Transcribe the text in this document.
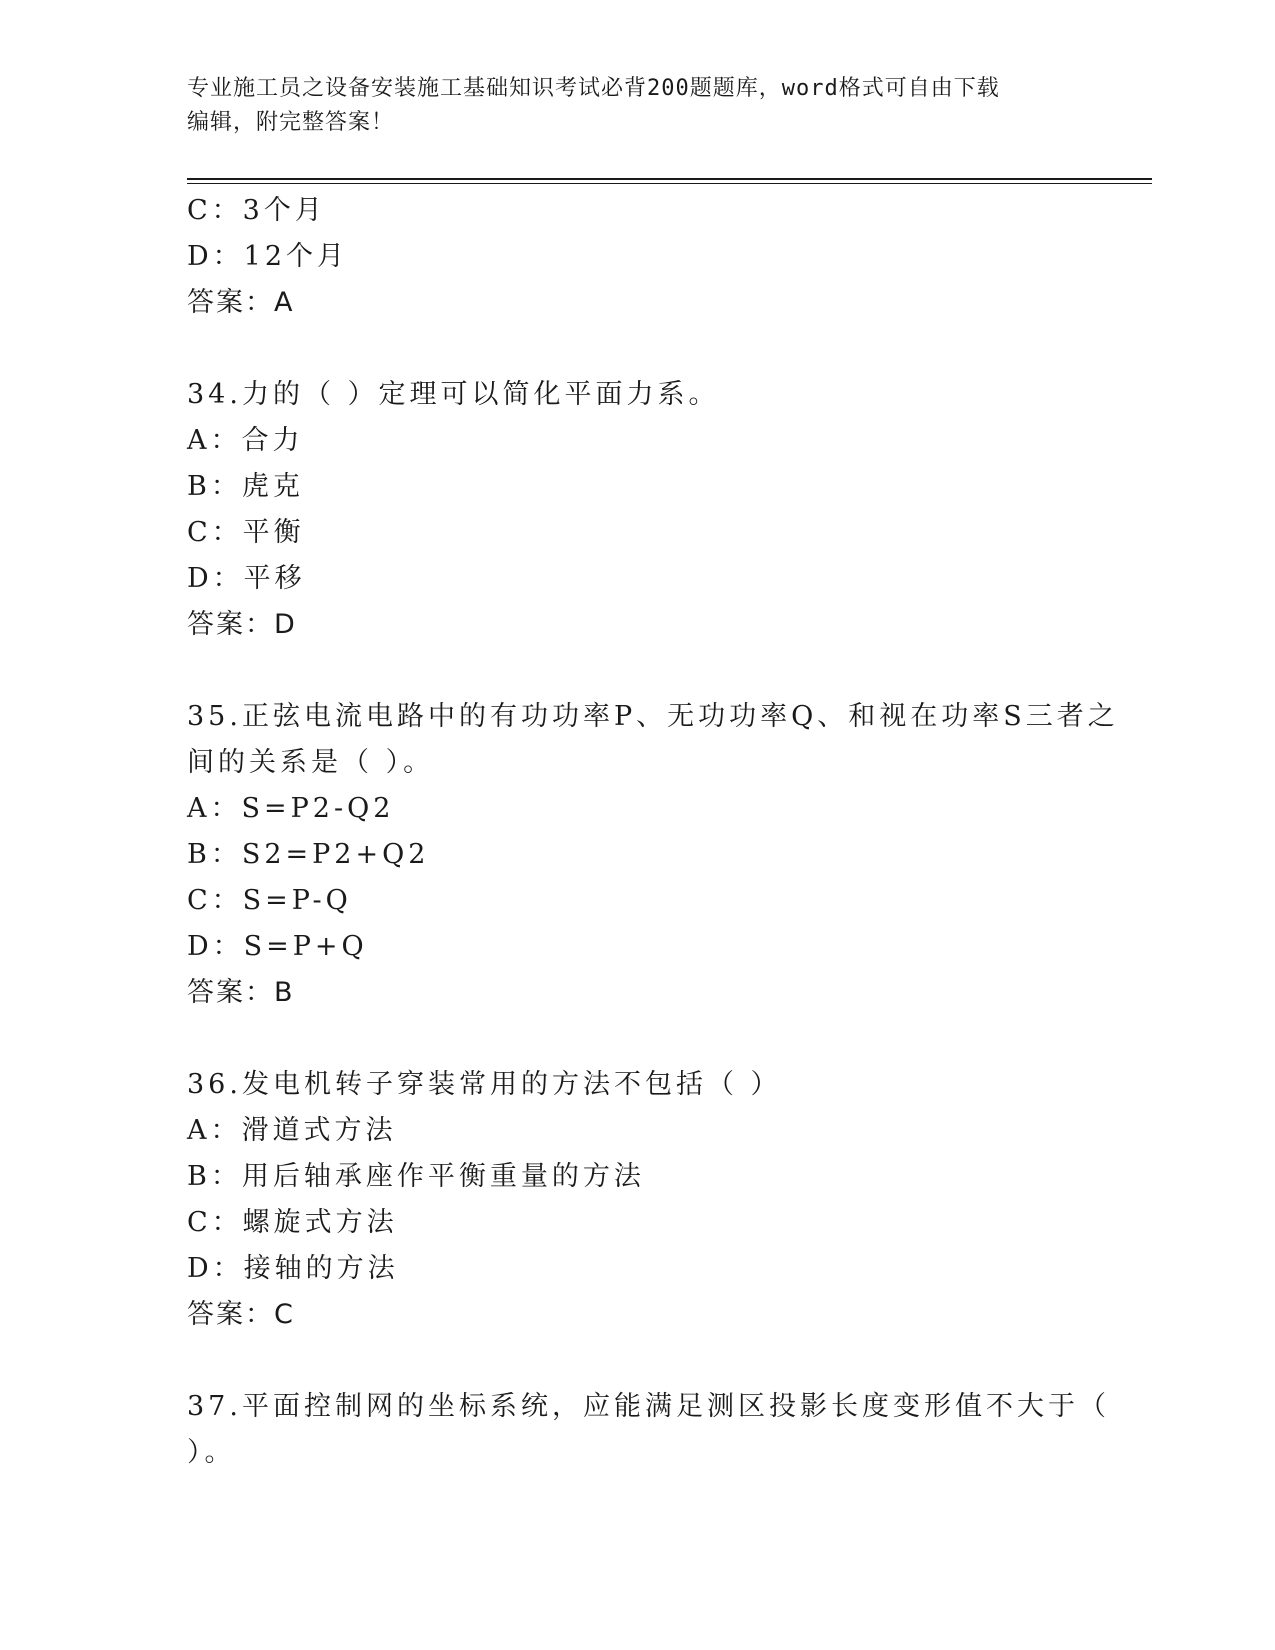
专业施工员之设备安装施工基础知识考试必背200题题库，word格式可自由下载
编辑，附完整答案！
C：3个月
D：12个月
答案：A
34.力的（ ）定理可以简化平面力系。
A：合力
B：虎克
C：平衡
D：平移
答案：D
35.正弦电流电路中的有功功率P、无功功率Q、和视在功率S三者之
间的关系是（ ）。
A：S=P2-Q2
B：S2=P2+Q2
C：S=P-Q
D：S=P+Q
答案：B
36.发电机转子穿装常用的方法不包括（ ）
A：滑道式方法
B：用后轴承座作平衡重量的方法
C：螺旋式方法
D：接轴的方法
答案：C
37.平面控制网的坐标系统，应能满足测区投影长度变形值不大于（
）。
